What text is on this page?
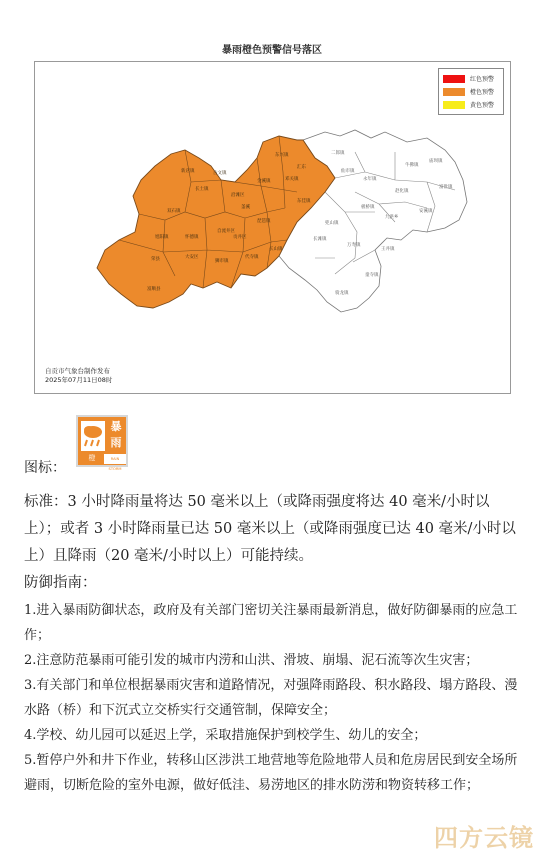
暴雨橙色预警信号落区
富顺县
大安区
自流井区
荣县
沿滩区
贡井区
长土镇
古文镇
双石镇
旭阳镇
金溪镇	邓关镇
东兴镇
琵琶镇
代寺镇
狮市镇
怀德镇
长山镇
汇东
釜溪
新店镇
东佳镇
二郎镇
牛佛镇
永年镇
赵化镇
板桥镇
九洪乡
富世镇
安溪镇
万寿镇
童寺镇
骑龙镇
兜山镇
仙市镇
庙坝镇
王井镇
长滩镇
红色预警
橙色预警
黄色预警
自贡市气象台制作发布
2025年07月11日08时
图标：
暴雨
橙	RAIN STORM
标准：3 小时降雨量将达 50 毫米以上（或降雨强度将达 40 毫米/小时以上）；或者 3 小时降雨量已达 50 毫米以上（或降雨强度已达 40 毫米/小时以上）且降雨（20 毫米/小时以上）可能持续。
防御指南：
1.进入暴雨防御状态，政府及有关部门密切关注暴雨最新消息，做好防御暴雨的应急工作；
2.注意防范暴雨可能引发的城市内涝和山洪、滑坡、崩塌、泥石流等次生灾害；
3.有关部门和单位根据暴雨灾害和道路情况，对强降雨路段、积水路段、塌方路段、漫水路（桥）和下沉式立交桥实行交通管制，保障安全；
4.学校、幼儿园可以延迟上学，采取措施保护到校学生、幼儿的安全；
5.暂停户外和井下作业，转移山区涉洪工地营地等危险地带人员和危房居民到安全场所避雨，切断危险的室外电源，做好低洼、易涝地区的排水防涝和物资转移工作；
四方云镜
